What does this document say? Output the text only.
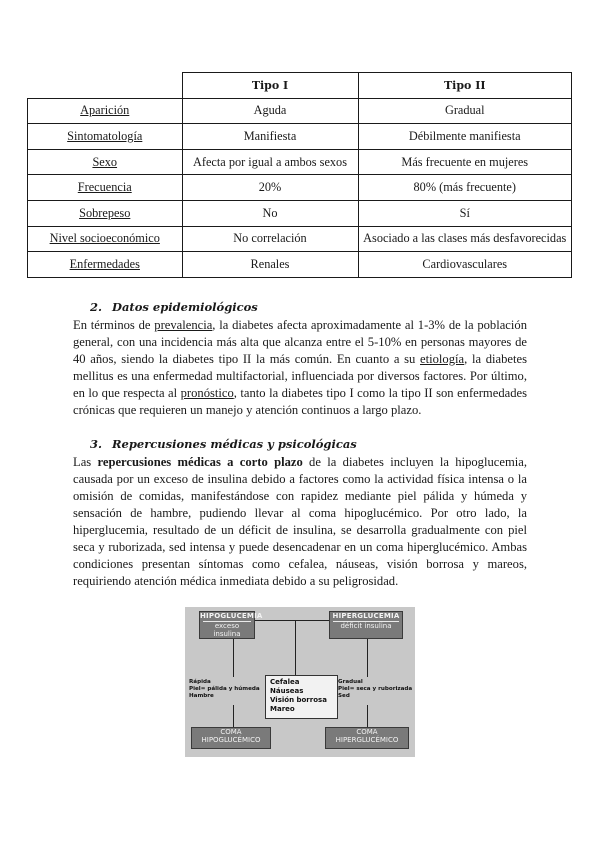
	Tipo I	Tipo II
Aparición	Aguda	Gradual
Sintomatología	Manifiesta	Débilmente manifiesta
Sexo	Afecta por igual a ambos sexos	Más frecuente en mujeres
Frecuencia	20%	80% (más frecuente)
Sobrepeso	No	Sí
Nivel socioeconómico	No correlación	Asociado a las clases más desfavorecidas
Enfermedades	Renales	Cardiovasculares
2. Datos epidemiológicos

En términos de prevalencia, la diabetes afecta aproximadamente al 1-3% de la población general, con una incidencia más alta que alcanza entre el 5-10% en personas mayores de 40 años, siendo la diabetes tipo II la más común. En cuanto a su etiología, la diabetes mellitus es una enfermedad multifactorial, influenciada por diversos factores. Por último, en lo que respecta al pronóstico, tanto la diabetes tipo I como la tipo II son enfermedades crónicas que requieren un manejo y atención continuos a largo plazo.

3. Repercusiones médicas y psicológicas

Las repercusiones médicas a corto plazo de la diabetes incluyen la hipoglucemia, causada por un exceso de insulina debido a factores como la actividad física intensa o la omisión de comidas, manifestándose con rapidez mediante piel pálida y húmeda y sensación de hambre, pudiendo llevar al coma hipoglucémico. Por otro lado, la hiperglucemia, resultado de un déficit de insulina, se desarrolla gradualmente con piel seca y ruborizada, sed intensa y puede desencadenar en un coma hiperglucémico. Ambas condiciones presentan síntomas como cefalea, náuseas, visión borrosa y mareos, requiriendo atención médica inmediata debido a su peligrosidad.

HIPOGLUCEMIA
exceso insulina
HIPERGLUCEMIA
déficit insulina
Rápida
Piel= pálida y húmeda
Hambre
Cefalea
Náuseas
Visión borrosa
Mareo
Gradual
Piel= seca y ruborizada
Sed
COMA
HIPOGLUCÉMICO
COMA
HIPERGLUCÉMICO
